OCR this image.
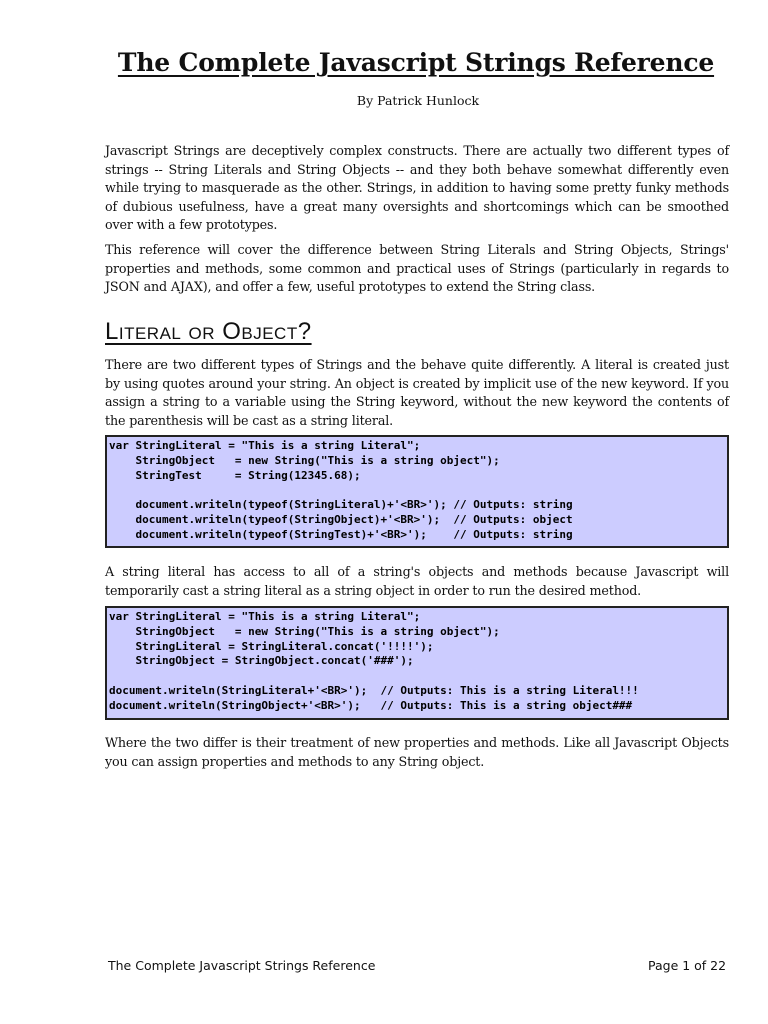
The Complete Javascript Strings Reference
By Patrick Hunlock

Javascript Strings are deceptively complex constructs. There are actually two different types of strings -- String Literals and String Objects -- and they both behave somewhat differently even while trying to masquerade as the other. Strings, in addition to having some pretty funky methods of dubious usefulness, have a great many oversights and shortcomings which can be smoothed over with a few prototypes.

This reference will cover the difference between String Literals and String Objects, Strings' properties and methods, some common and practical uses of Strings (particularly in regards to JSON and AJAX), and offer a few, useful prototypes to extend the String class.

Literal or Object?

There are two different types of Strings and the behave quite differently. A literal is created just by using quotes around your string. An object is created by implicit use of the new keyword. If you assign a string to a variable using the String keyword, without the new keyword the contents of the parenthesis will be cast as a string literal.

var StringLiteral = "This is a string Literal";
StringObject   = new String("This is a string object");
StringTest     = String(12345.68);

document.writeln(typeof(StringLiteral)+'<BR>'); // Outputs: string
document.writeln(typeof(StringObject)+'<BR>');  // Outputs: object
document.writeln(typeof(StringTest)+'<BR>');    // Outputs: string

A string literal has access to all of a string's objects and methods because Javascript will temporarily cast a string literal as a string object in order to run the desired method.

var StringLiteral = "This is a string Literal";
StringObject   = new String("This is a string object");
StringLiteral = StringLiteral.concat('!!!!');
StringObject = StringObject.concat('###');

document.writeln(StringLiteral+'<BR>');  // Outputs: This is a string Literal!!!
document.writeln(StringObject+'<BR>');   // Outputs: This is a string object###

Where the two differ is their treatment of new properties and methods. Like all Javascript Objects you can assign properties and methods to any String object.

The Complete Javascript Strings Reference	Page 1 of 22
